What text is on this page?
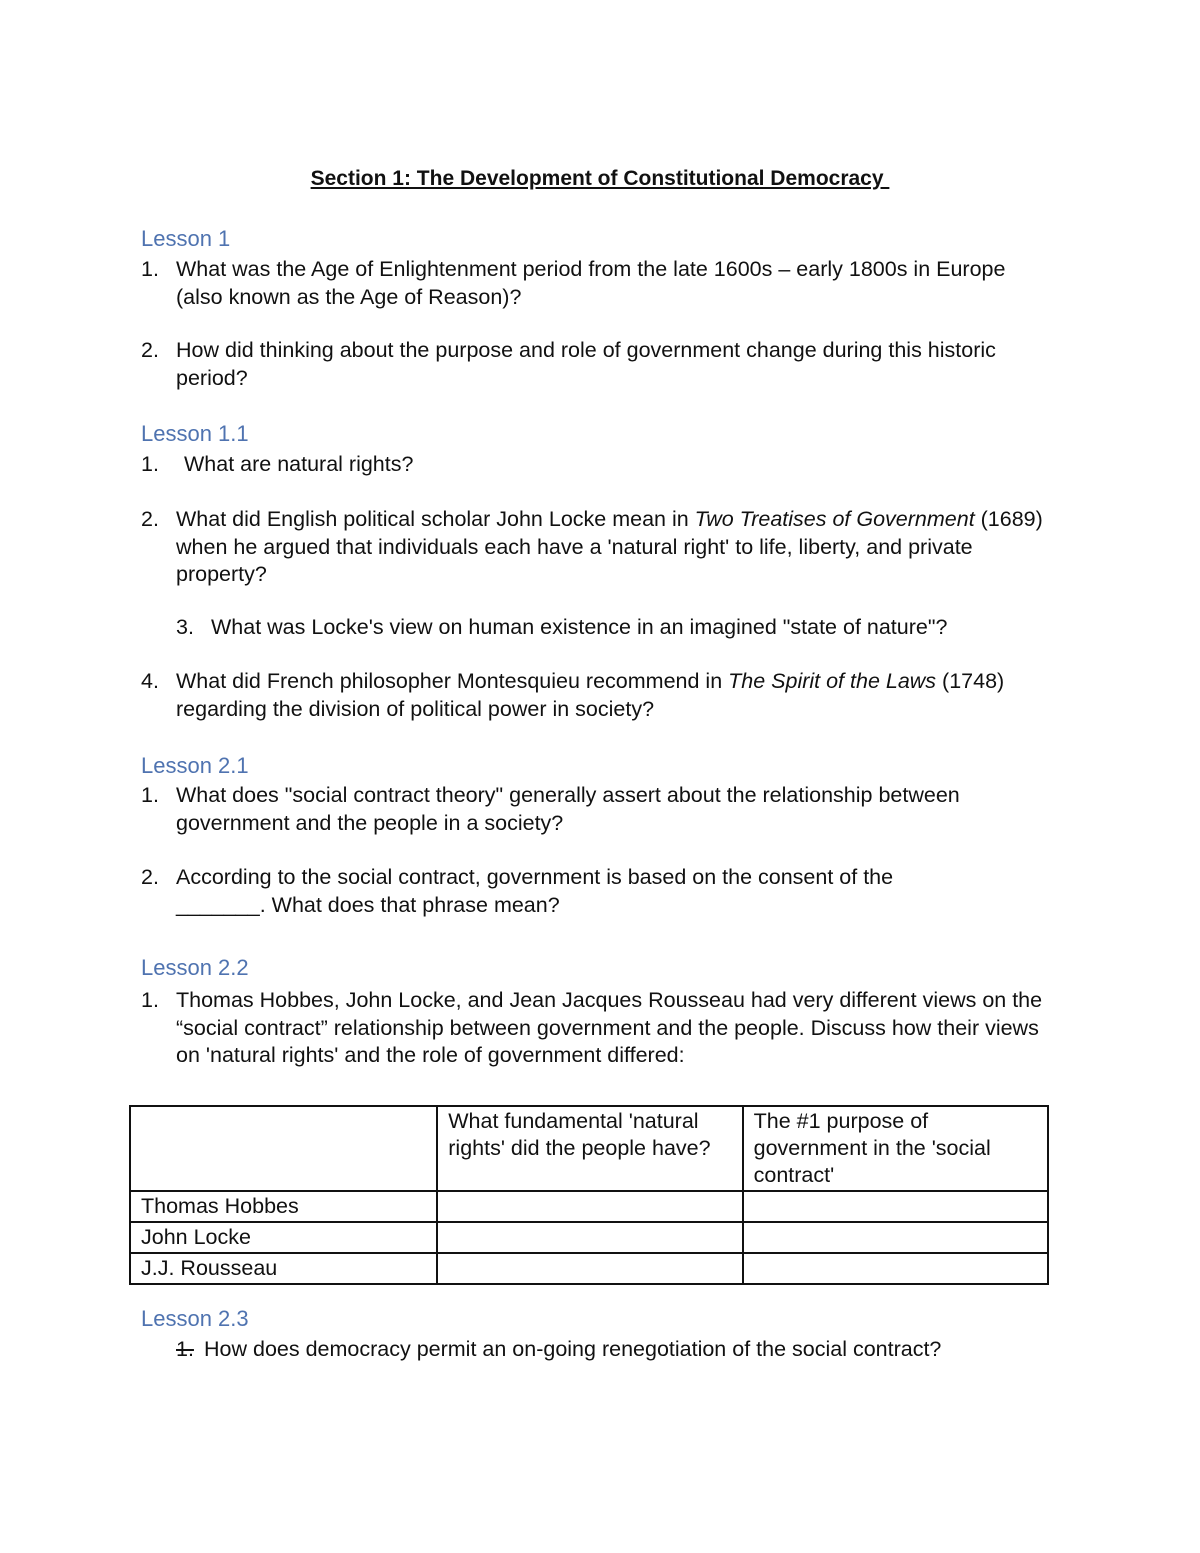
Section 1: The Development of Constitutional Democracy
Lesson 1
1. What was the Age of Enlightenment period from the late 1600s – early 1800s in Europe (also known as the Age of Reason)?
2. How did thinking about the purpose and role of government change during this historic period?
Lesson 1.1
1. What are natural rights?
2. What did English political scholar John Locke mean in Two Treatises of Government (1689) when he argued that individuals each have a 'natural right' to life, liberty, and private property?
3. What was Locke's view on human existence in an imagined "state of nature"?
4. What did French philosopher Montesquieu recommend in The Spirit of the Laws (1748) regarding the division of political power in society?
Lesson 2.1
1. What does "social contract theory" generally assert about the relationship between government and the people in a society?
2. According to the social contract, government is based on the consent of the _______. What does that phrase mean?
Lesson 2.2
1. Thomas Hobbes, John Locke, and Jean Jacques Rousseau had very different views on the “social contract” relationship between government and the people. Discuss how their views on 'natural rights' and the role of government differed:
	What fundamental 'natural rights' did the people have?	The #1 purpose of government in the 'social contract'
Thomas Hobbes		
John Locke		
J.J. Rousseau		
Lesson 2.3
1. How does democracy permit an on-going renegotiation of the social contract?
